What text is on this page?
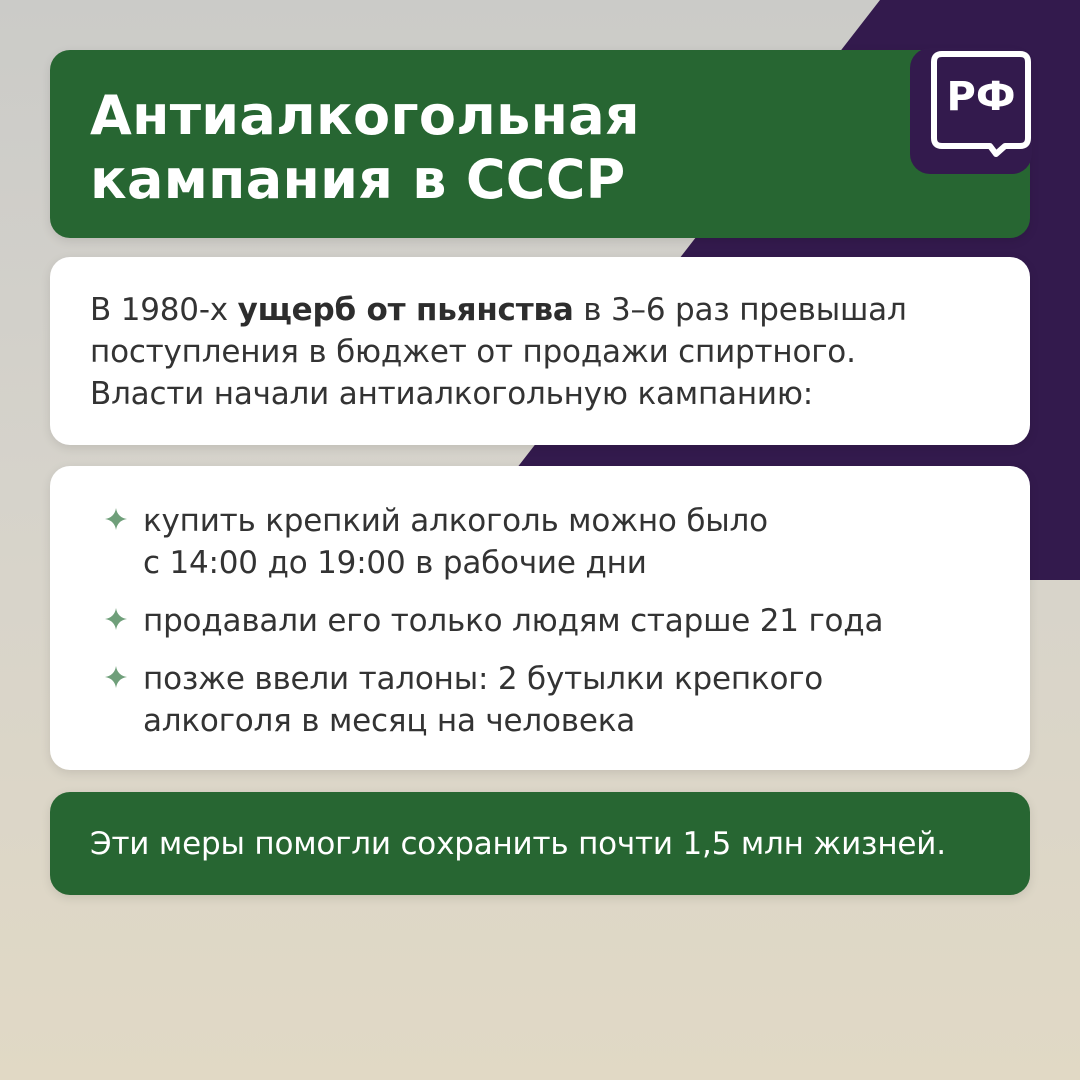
Антиалкогольная
кампания в СССР
РФ

В 1980-х ущерб от пьянства в 3–6 раз превышал
поступления в бюджет от продажи спиртного.
Власти начали антиалкогольную кампанию:

купить крепкий алкоголь можно было
с 14:00 до 19:00 в рабочие дни
продавали его только людям старше 21 года
позже ввели талоны: 2 бутылки крепкого
алкоголя в месяц на человека

Эти меры помогли сохранить почти 1,5 млн жизней.
